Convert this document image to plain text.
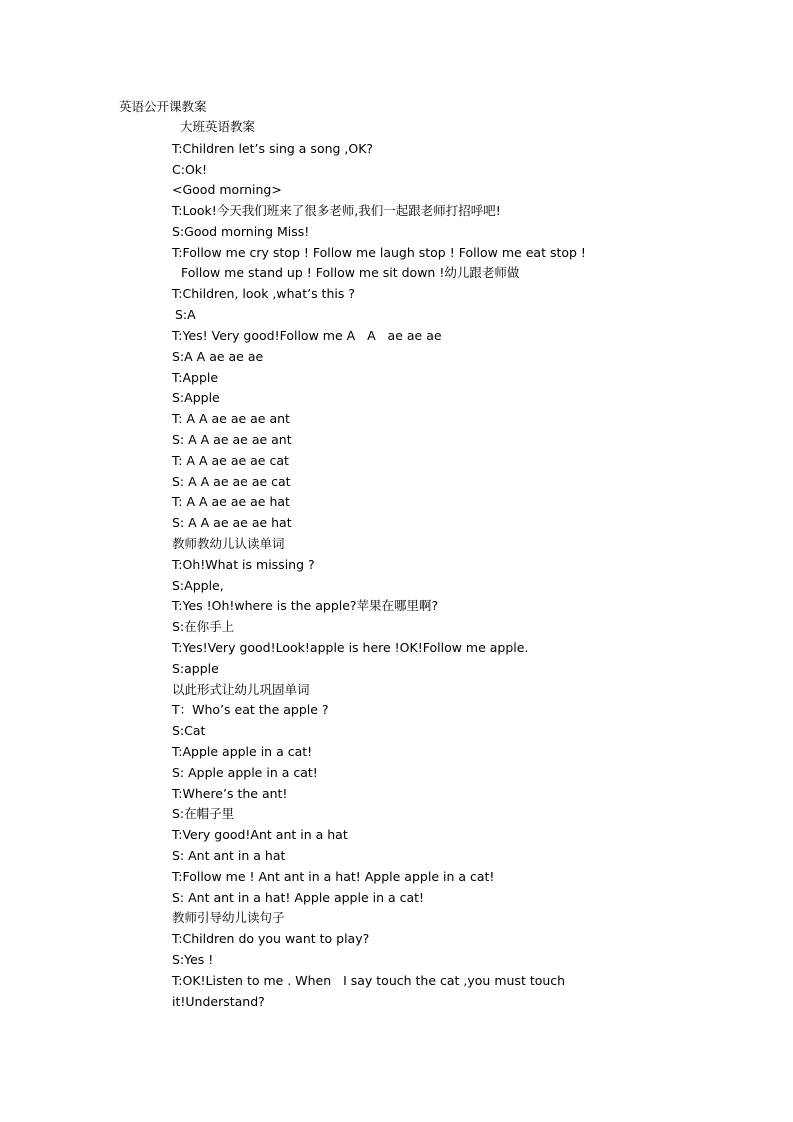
英语公开课教案
大班英语教案
T:Children let’s sing a song ,OK?
C:Ok!
<Good morning>
T:Look!今天我们班来了很多老师,我们一起跟老师打招呼吧!
S:Good morning Miss!
T:Follow me cry stop ! Follow me laugh stop ! Follow me eat stop !
Follow me stand up ! Follow me sit down !幼儿跟老师做
T:Children, look ,what’s this ?
S:A
T:Yes! Very good!Follow me A   A   ae ae ae
S:A A ae ae ae
T:Apple
S:Apple
T: A A ae ae ae ant
S: A A ae ae ae ant
T: A A ae ae ae cat
S: A A ae ae ae cat
T: A A ae ae ae hat
S: A A ae ae ae hat
教师教幼儿认读单词
T:Oh!What is missing ?
S:Apple,
T:Yes !Oh!where is the apple?苹果在哪里啊?
S:在你手上
T:Yes!Very good!Look!apple is here !OK!Follow me apple.
S:apple
以此形式让幼儿巩固单词
T：Who’s eat the apple ?
S:Cat
T:Apple apple in a cat!
S: Apple apple in a cat!
T:Where’s the ant!
S:在帽子里
T:Very good!Ant ant in a hat
S: Ant ant in a hat
T:Follow me ! Ant ant in a hat! Apple apple in a cat!
S: Ant ant in a hat! Apple apple in a cat!
教师引导幼儿读句子
T:Children do you want to play?
S:Yes !
T:OK!Listen to me . When   I say touch the cat ,you must touch
it!Understand?
